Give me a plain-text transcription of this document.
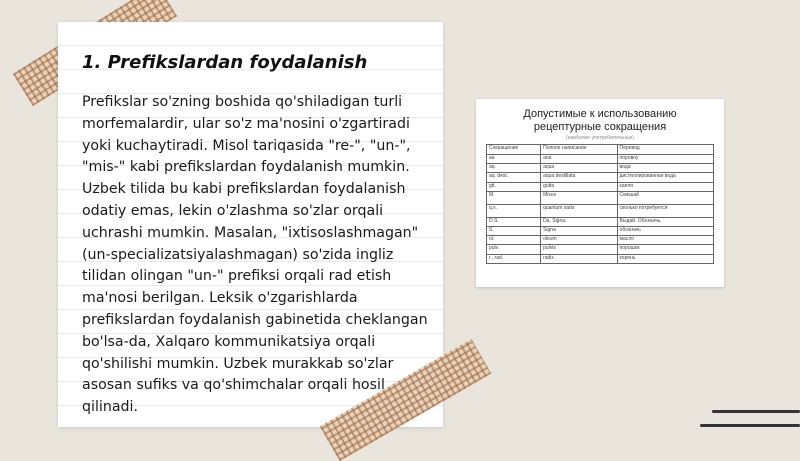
1. Prefikslardan foydalanish

Prefikslar so'zning boshida qo'shiladigan turli morfemalardir, ular so'z ma'nosini o'zgartiradi yoki kuchaytiradi. Misol tariqasida "re-", "un-", "mis-" kabi prefikslardan foydalanish mumkin. Uzbek tilida bu kabi prefikslardan foydalanish odatiy emas, lekin o'zlashma so'zlar orqali uchrashi mumkin. Masalan, "ixtisoslashmagan" (un-specializatsiyalashmagan) so'zida ingliz tilidan olingan "un-" prefiksi orqali rad etish ma'nosi berilgan. Leksik o'zgarishlarda prefikslardan foydalanish gabinetida cheklangan bo'lsa-da, Xalqaro kommunikatsiya orqali qo'shilishi mumkin. Uzbek murakkab so'zlar asosan sufiks va qo'shimchalar orqali hosil qilinadi.

Допустимые к использованию
рецептурные сокращения
(наиболее употребительные)
Сокращение	Полное написание	Перевод
aa	ana	поровну
aq.	aqua	вода
aq. dest.	aqua destillata	дистиллированная вода
gtt.	gutta	капля
M.	Misce	Смешай
q.s.	quantum satis	сколько потребуется
D.S.	Da. Signa.	Выдай. Обозначь.
S.	Signa	обозначь
ol.	oleum	масло
pulv.	pulvis	порошок
r., rad.	radix	корень
